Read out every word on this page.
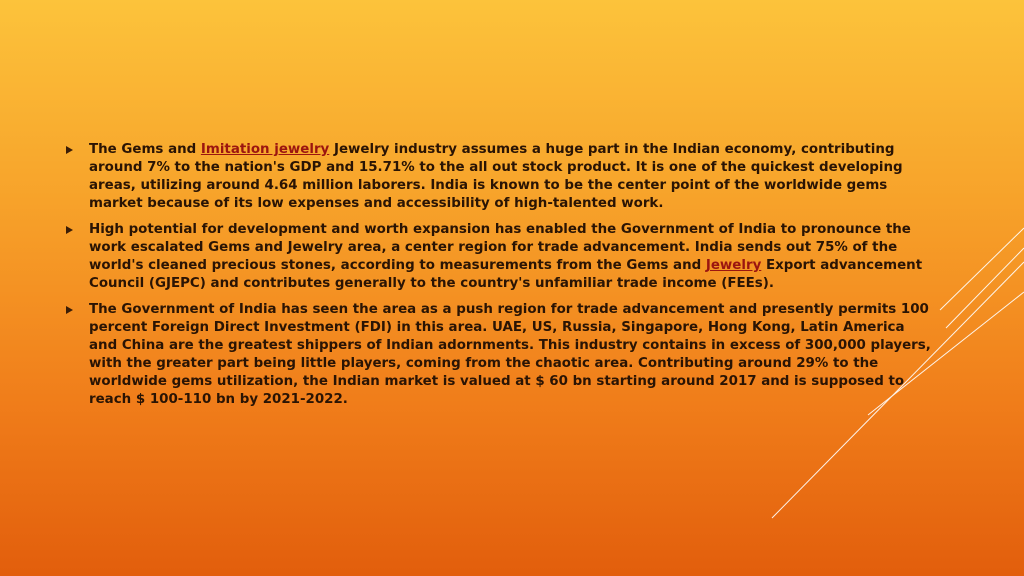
The Gems and Imitation jewelry Jewelry industry assumes a huge part in the Indian economy, contributing around 7% to the nation's GDP and 15.71% to the all out stock product. It is one of the quickest developing areas, utilizing around 4.64 million laborers. India is known to be the center point of the worldwide gems market because of its low expenses and accessibility of high-talented work.
High potential for development and worth expansion has enabled the Government of India to pronounce the work escalated Gems and Jewelry area, a center region for trade advancement. India sends out 75% of the world's cleaned precious stones, according to measurements from the Gems and Jewelry Export advancement Council (GJEPC) and contributes generally to the country's unfamiliar trade income (FEEs).
The Government of India has seen the area as a push region for trade advancement and presently permits 100 percent Foreign Direct Investment (FDI) in this area. UAE, US, Russia, Singapore, Hong Kong, Latin America and China are the greatest shippers of Indian adornments. This industry contains in excess of 300,000 players, with the greater part being little players, coming from the chaotic area. Contributing around 29% to the worldwide gems utilization, the Indian market is valued at $ 60 bn starting around 2017 and is supposed to reach $ 100-110 bn by 2021-2022.
